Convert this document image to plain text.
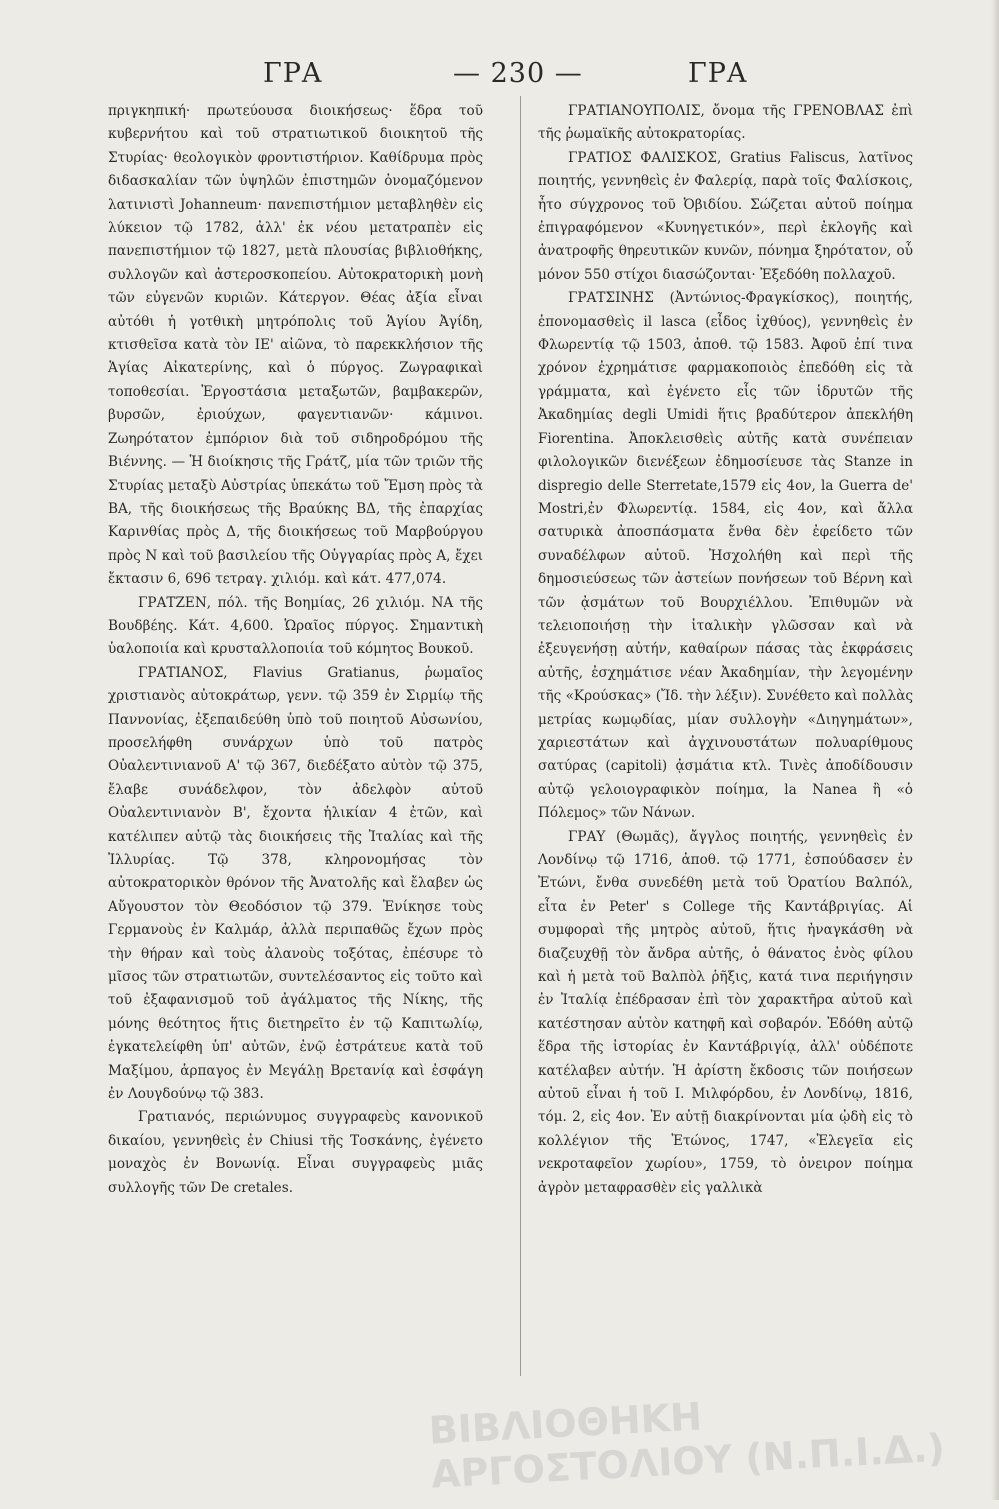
ΓΡΑ	— 230 —	ΓΡΑ

πριγκηπική· πρωτεύουσα διοικήσεως· ἕδρα τοῦ κυβερνήτου καὶ τοῦ στρατιωτικοῦ διοικητοῦ τῆς Στυρίας· θεολογικὸν φροντιστήριον. Καθίδρυμα πρὸς διδασκαλίαν τῶν ὑψηλῶν ἐπιστημῶν ὀνομαζόμενον λατινιστὶ Johanneum· πανεπιστήμιον μεταβληθὲν εἰς λύκειον τῷ 1782, ἀλλ' ἐκ νέου μετατραπὲν εἰς πανεπιστήμιον τῷ 1827, μετὰ πλουσίας βιβλιοθήκης, συλλογῶν καὶ ἀστεροσκοπείου. Αὐτοκρατορικὴ μονὴ τῶν εὐγενῶν κυριῶν. Κάτεργον. Θέας ἀξία εἶναι αὐτόθι ἡ γοτθικὴ μητρόπολις τοῦ Ἁγίου Ἀγίδη, κτισθεῖσα κατὰ τὸν ΙΕ' αἰῶνα, τὸ παρεκκλήσιον τῆς Ἁγίας Αἰκατερίνης, καὶ ὁ πύργος. Ζωγραφικαὶ τοποθεσίαι. Ἐργοστάσια μεταξωτῶν, βαμβακερῶν, βυρσῶν, ἐριούχων, φαγεντιανῶν· κάμινοι. Ζωηρότατον ἐμπόριον διὰ τοῦ σιδηροδρόμου τῆς Βιέννης. — Ἡ διοίκησις τῆς Γράτζ, μία τῶν τριῶν τῆς Στυρίας μεταξὺ Αὐστρίας ὑπεκάτω τοῦ Ἔμση πρὸς τὰ ΒΑ, τῆς διοικήσεως τῆς Βραύκης ΒΔ, τῆς ἐπαρχίας Καρινθίας πρὸς Δ, τῆς διοικήσεως τοῦ Μαρβούργου πρὸς Ν καὶ τοῦ βασιλείου τῆς Οὑγγαρίας πρὸς Α, ἔχει ἔκτασιν 6, 696 τετραγ. χιλιόμ. καὶ κάτ. 477,074.

ΓΡΑΤΖΕΝ, πόλ. τῆς Βοημίας, 26 χιλιόμ. ΝΑ τῆς Βουδβέης. Κάτ. 4,600. Ὡραῖος πύργος. Σημαντικὴ ὑαλοποιία καὶ κρυσταλλοποιία τοῦ κόμητος Βουκοῦ.

ΓΡΑΤΙΑΝΟΣ, Flavius Gratianus, ῥωμαῖος χριστιανὸς αὐτοκράτωρ, γενν. τῷ 359 ἐν Σιρμίῳ τῆς Παννονίας, ἐξεπαιδεύθη ὑπὸ τοῦ ποιητοῦ Αὐσωνίου, προσελήφθη συνάρχων ὑπὸ τοῦ πατρὸς Οὐαλεντινιανοῦ Α' τῷ 367, διεδέξατο αὐτὸν τῷ 375, ἔλαβε συνάδελφον, τὸν ἀδελφὸν αὐτοῦ Οὐαλεντινιανὸν Β', ἔχοντα ἡλικίαν 4 ἐτῶν, καὶ κατέλιπεν αὐτῷ τὰς διοικήσεις τῆς Ἰταλίας καὶ τῆς Ἰλλυρίας. Τῷ 378, κληρονομήσας τὸν αὐτοκρατορικὸν θρόνον τῆς Ἀνατολῆς καὶ ἔλαβεν ὡς Αὔγουστον τὸν Θεοδόσιον τῷ 379. Ἐνίκησε τοὺς Γερμανοὺς ἐν Καλμάρ, ἀλλὰ περιπαθῶς ἔχων πρὸς τὴν θήραν καὶ τοὺς ἀλανοὺς τοξότας, ἐπέσυρε τὸ μῖσος τῶν στρατιωτῶν, συντελέσαντος εἰς τοῦτο καὶ τοῦ ἐξαφανισμοῦ τοῦ ἀγάλματος τῆς Νίκης, τῆς μόνης θεότητος ἥτις διετηρεῖτο ἐν τῷ Καπιτωλίῳ, ἐγκατελείφθη ὑπ' αὐτῶν, ἐνῷ ἐστράτευε κατὰ τοῦ Μαξίμου, ἁρπαγος ἐν Μεγάλῃ Βρετανίᾳ καὶ ἐσφάγη ἐν Λουγδούνῳ τῷ 383.

Γρατιανός, περιώνυμος συγγραφεὺς κανονικοῦ δικαίου, γεννηθεὶς ἐν Chiusi τῆς Τοσκάνης, ἐγένετο μοναχὸς ἐν Βονωνίᾳ. Εἶναι συγγραφεὺς μιᾶς συλλογῆς τῶν De cretales.

ΓΡΑΤΙΑΝΟΥΠΟΛΙΣ, ὄνομα τῆς ΓΡΕΝΟΒΛΑΣ ἐπὶ τῆς ῥωμαϊκῆς αὐτοκρατορίας.

ΓΡΑΤΙΟΣ ΦΑΛΙΣΚΟΣ, Gratius Faliscus, λατῖνος ποιητής, γεννηθεὶς ἐν Φαλερίᾳ, παρὰ τοῖς Φαλίσκοις, ἦτο σύγχρονος τοῦ Ὀβιδίου. Σώζεται αὐτοῦ ποίημα ἐπιγραφόμενον «Κυνηγετικόν», περὶ ἐκλογῆς καὶ ἀνατροφῆς θηρευτικῶν κυνῶν, πόνημα ξηρότατον, οὗ μόνον 550 στίχοι διασώζονται· Ἐξεδόθη πολλαχοῦ.

ΓΡΑΤΣΙΝΗΣ (Ἀντώνιος-Φραγκίσκος), ποιητής, ἐπονομασθεὶς il lasca (εἶδος ἰχθύος), γεννηθεὶς ἐν Φλωρεντίᾳ τῷ 1503, ἀποθ. τῷ 1583. Ἀφοῦ ἐπί τινα χρόνον ἐχρημάτισε φαρμακοποιὸς ἐπεδόθη εἰς τὰ γράμματα, καὶ ἐγένετο εἷς τῶν ἱδρυτῶν τῆς Ἀκαδημίας degli Umidi ἥτις βραδύτερον ἀπεκλήθη Fiorentina. Ἀποκλεισθεὶς αὐτῆς κατὰ συνέπειαν φιλολογικῶν διενέξεων ἐδημοσίευσε τὰς Stanze in dispregio delle Sterretate,1579 εἰς 4ον, la Guerra de' Mostri,ἐν Φλωρεντίᾳ. 1584, εἰς 4ον, καὶ ἄλλα σατυρικὰ ἀποσπάσματα ἔνθα δὲν ἐφείδετο τῶν συναδέλφων αὐτοῦ. Ἠσχολήθη καὶ περὶ τῆς δημοσιεύσεως τῶν ἀστείων πονήσεων τοῦ Βέρνη καὶ τῶν ᾀσμάτων τοῦ Βουρχιέλλου. Ἐπιθυμῶν νὰ τελειοποιήσῃ τὴν ἰταλικὴν γλῶσσαν καὶ νὰ ἐξευγενήσῃ αὐτήν, καθαίρων πάσας τὰς ἐκφράσεις αὐτῆς, ἐσχημάτισε νέαν Ἀκαδημίαν, τὴν λεγομένην τῆς «Κρούσκας» (Ἴδ. τὴν λέξιν). Συνέθετο καὶ πολλὰς μετρίας κωμῳδίας, μίαν συλλογὴν «Διηγημάτων», χαριεστάτων καὶ ἀγχινουστάτων πολυαρίθμους σατύρας (capitoli) ᾀσμάτια κτλ. Τινὲς ἀποδίδουσιν αὐτῷ γελοιογραφικὸν ποίημα, la Nanea ἢ «ὁ Πόλεμος» τῶν Νάνων.

ΓΡΑΥ (Θωμᾶς), ἄγγλος ποιητής, γεννηθεὶς ἐν Λονδίνῳ τῷ 1716, ἀποθ. τῷ 1771, ἐσπούδασεν ἐν Ἐτώνι, ἔνθα συνεδέθη μετὰ τοῦ Ὀρατίου Βαλπόλ, εἶτα ἐν Peter' s College τῆς Καντάβριγίας. Αἱ συμφοραὶ τῆς μητρὸς αὐτοῦ, ἥτις ἠναγκάσθη νὰ διαζευχθῇ τὸν ἄνδρα αὐτῆς, ὁ θάνατος ἑνὸς φίλου καὶ ἡ μετὰ τοῦ Βαλπὸλ ῥῆξις, κατά τινα περιήγησιν ἐν Ἰταλίᾳ ἐπέδρασαν ἐπὶ τὸν χαρακτῆρα αὐτοῦ καὶ κατέστησαν αὐτὸν κατηφῆ καὶ σοβαρόν. Ἐδόθη αὐτῷ ἕδρα τῆς ἱστορίας ἐν Καντάβριγίᾳ, ἀλλ' οὐδέποτε κατέλαβεν αὐτήν. Ἡ ἀρίστη ἔκδοσις τῶν ποιήσεων αὐτοῦ εἶναι ἡ τοῦ Ι. Μιλφόρδου, ἐν Λονδίνῳ, 1816, τόμ. 2, εἰς 4ον. Ἐν αὐτῇ διακρίνονται μία ᾠδὴ εἰς τὸ κολλέγιον τῆς Ἐτώνος, 1747, «Ἐλεγεῖα εἰς νεκροταφεῖον χωρίου», 1759, τὸ ὀνειρον ποίημα ἀγρὸν μεταφρασθὲν εἰς γαλλικὰ

ΒΙΒΛΙΟΘΗΚΗ
ΑΡΓΟΣΤΟΛΙΟΥ (Ν.Π.Ι.Δ.)
